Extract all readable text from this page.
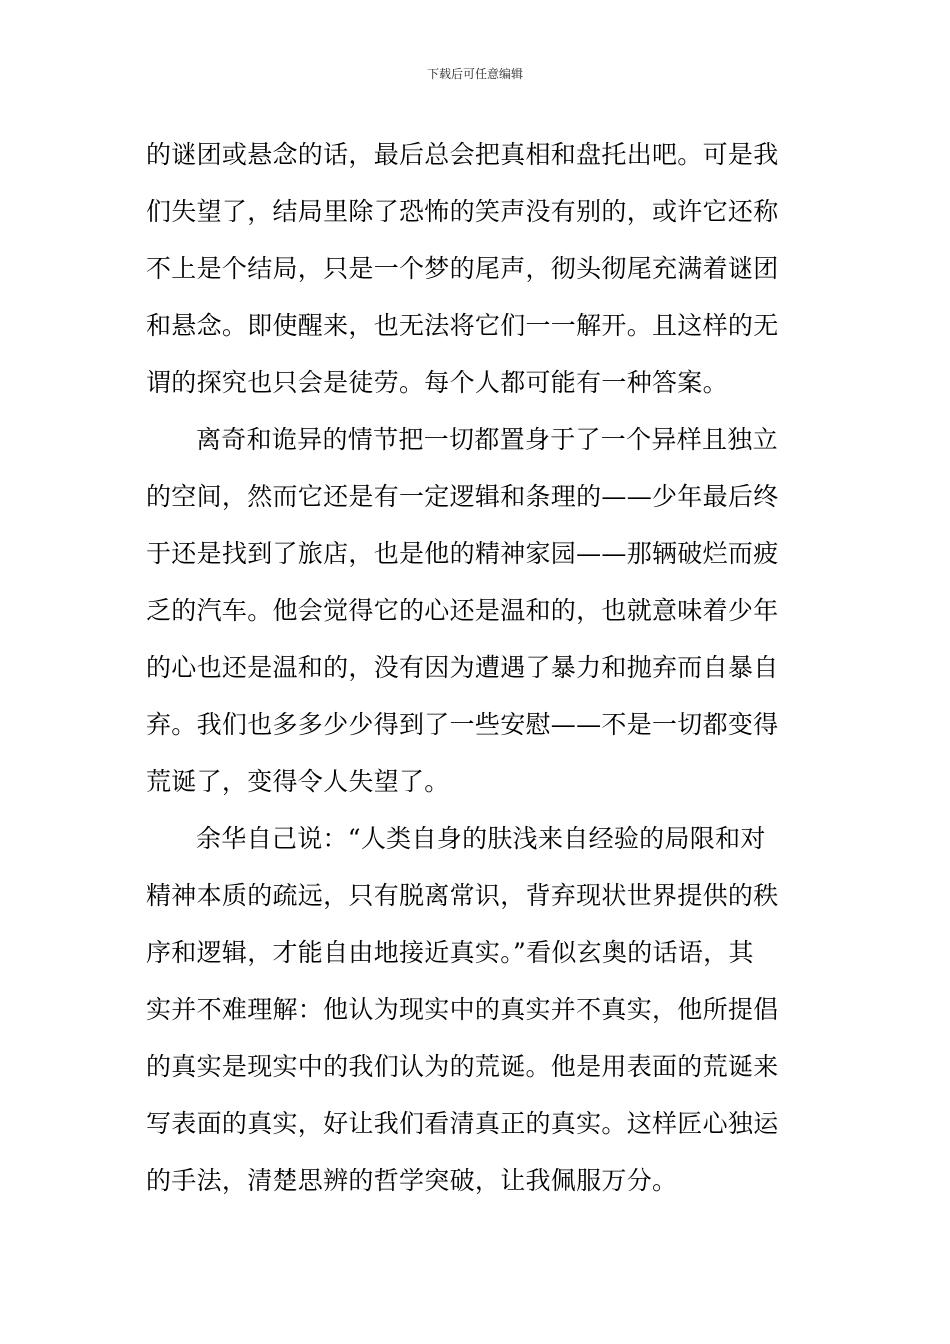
下载后可任意编辑
的谜团或悬念的话，最后总会把真相和盘托出吧。可是我
们失望了，结局里除了恐怖的笑声没有别的，或许它还称
不上是个结局，只是一个梦的尾声，彻头彻尾充满着谜团
和悬念。即使醒来，也无法将它们一一解开。且这样的无
谓的探究也只会是徒劳。每个人都可能有一种答案。
离奇和诡异的情节把一切都置身于了一个异样且独立
的空间，然而它还是有一定逻辑和条理的——少年最后终
于还是找到了旅店，也是他的精神家园——那辆破烂而疲
乏的汽车。他会觉得它的心还是温和的，也就意味着少年
的心也还是温和的，没有因为遭遇了暴力和抛弃而自暴自
弃。我们也多多少少得到了一些安慰——不是一切都变得
荒诞了，变得令人失望了。
余华自己说：“人类自身的肤浅来自经验的局限和对
精神本质的疏远，只有脱离常识，背弃现状世界提供的秩
序和逻辑，才能自由地接近真实。”看似玄奥的话语，其
实并不难理解：他认为现实中的真实并不真实，他所提倡
的真实是现实中的我们认为的荒诞。他是用表面的荒诞来
写表面的真实，好让我们看清真正的真实。这样匠心独运
的手法，清楚思辨的哲学突破，让我佩服万分。
